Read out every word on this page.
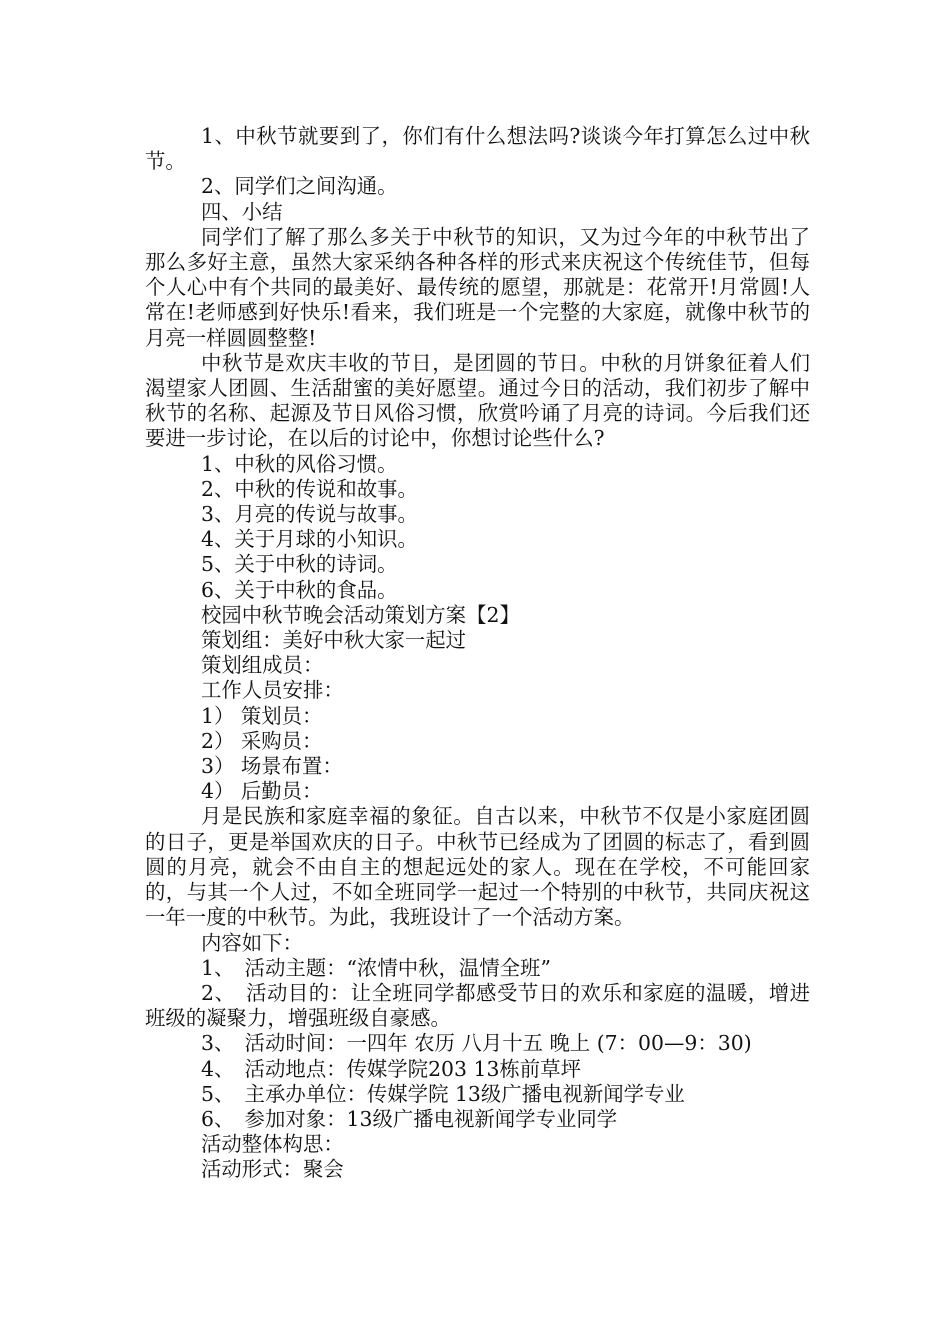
1、中秋节就要到了，你们有什么想法吗?谈谈今年打算怎么过中秋节。

2、同学们之间沟通。

四、小结

同学们了解了那么多关于中秋节的知识，又为过今年的中秋节出了那么多好主意，虽然大家采纳各种各样的形式来庆祝这个传统佳节，但每个人心中有个共同的最美好、最传统的愿望，那就是：花常开!月常圆!人常在!老师感到好快乐!看来，我们班是一个完整的大家庭，就像中秋节的月亮一样圆圆整整!

中秋节是欢庆丰收的节日，是团圆的节日。中秋的月饼象征着人们渴望家人团圆、生活甜蜜的美好愿望。通过今日的活动，我们初步了解中秋节的名称、起源及节日风俗习惯，欣赏吟诵了月亮的诗词。今后我们还要进一步讨论，在以后的讨论中，你想讨论些什么?

1、中秋的风俗习惯。

2、中秋的传说和故事。

3、月亮的传说与故事。

4、关于月球的小知识。

5、关于中秋的诗词。

6、关于中秋的食品。

校园中秋节晚会活动策划方案【2】

策划组：美好中秋大家一起过

策划组成员：

工作人员安排：

1） 策划员：

2） 采购员：

3） 场景布置：

4） 后勤员：

月是民族和家庭幸福的象征。自古以来，中秋节不仅是小家庭团圆的日子，更是举国欢庆的日子。中秋节已经成为了团圆的标志了，看到圆圆的月亮，就会不由自主的想起远处的家人。现在在学校，不可能回家的，与其一个人过，不如全班同学一起过一个特别的中秋节，共同庆祝这一年一度的中秋节。为此，我班设计了一个活动方案。

内容如下：

1、　活动主题：“浓情中秋，温情全班”

2、　活动目的：让全班同学都感受节日的欢乐和家庭的温暖，增进班级的凝聚力，增强班级自豪感。

3、　活动时间：一四年 农历 八月十五 晚上 (7：00—9：30)

4、　活动地点：传媒学院203 13栋前草坪

5、　主承办单位：传媒学院 13级广播电视新闻学专业

6、　参加对象：13级广播电视新闻学专业同学

活动整体构思：

活动形式：聚会
